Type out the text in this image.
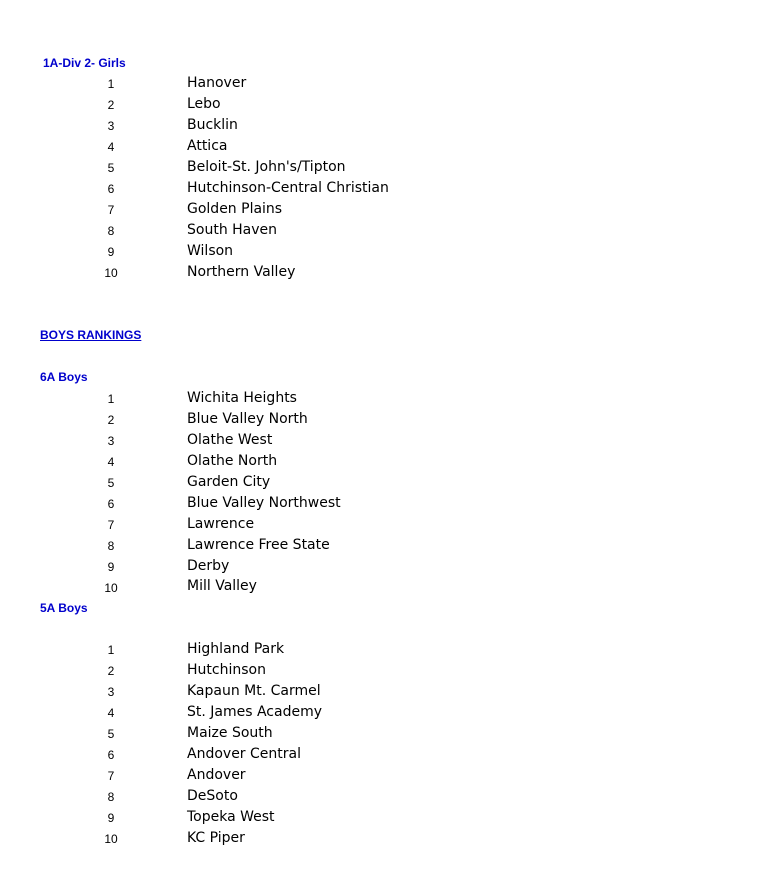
1A-Div 2- Girls
1	Hanover
2	Lebo
3	Bucklin
4	Attica
5	Beloit-St. John's/Tipton
6	Hutchinson-Central Christian
7	Golden Plains
8	South Haven
9	Wilson
10	Northern Valley
BOYS RANKINGS
6A Boys
1	Wichita Heights
2	Blue Valley North
3	Olathe West
4	Olathe North
5	Garden City
6	Blue Valley Northwest
7	Lawrence
8	Lawrence Free State
9	Derby
10	Mill Valley
5A Boys
1	Highland Park
2	Hutchinson
3	Kapaun Mt. Carmel
4	St. James Academy
5	Maize South
6	Andover Central
7	Andover
8	DeSoto
9	Topeka West
10	KC Piper
